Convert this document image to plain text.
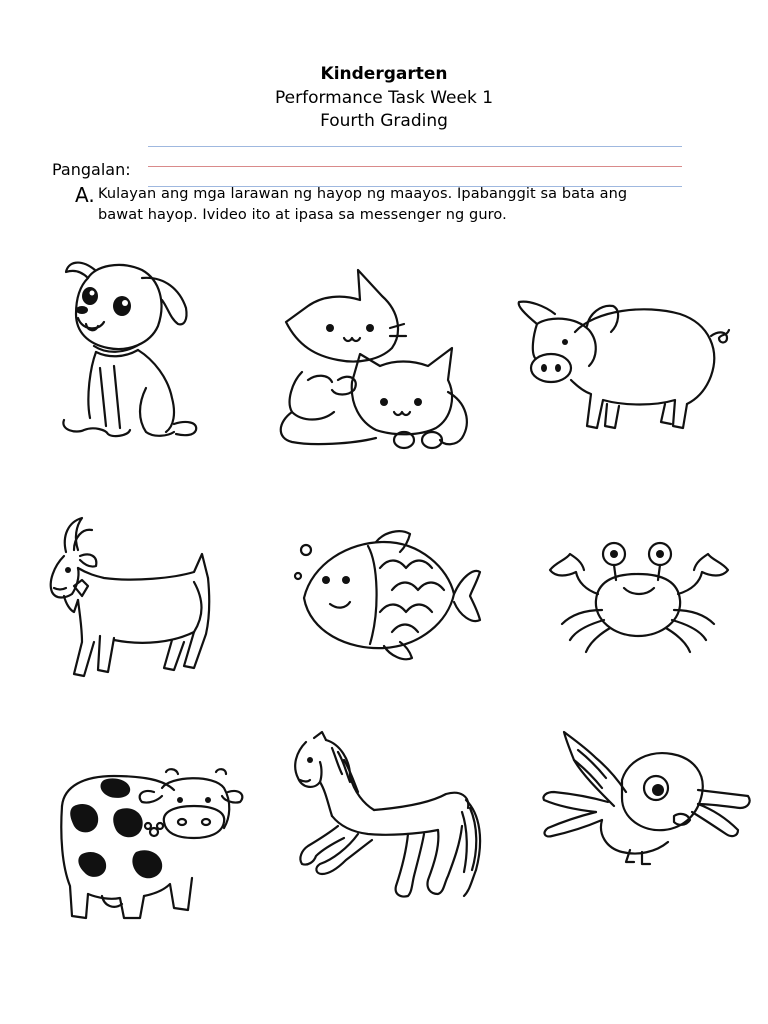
Kindergarten
Performance Task Week 1
Fourth Grading
Pangalan:
A. Kulayan ang mga larawan ng hayop ng maayos. Ipabanggit sa bata ang
bawat hayop. Ivideo ito at ipasa sa messenger ng guro.
